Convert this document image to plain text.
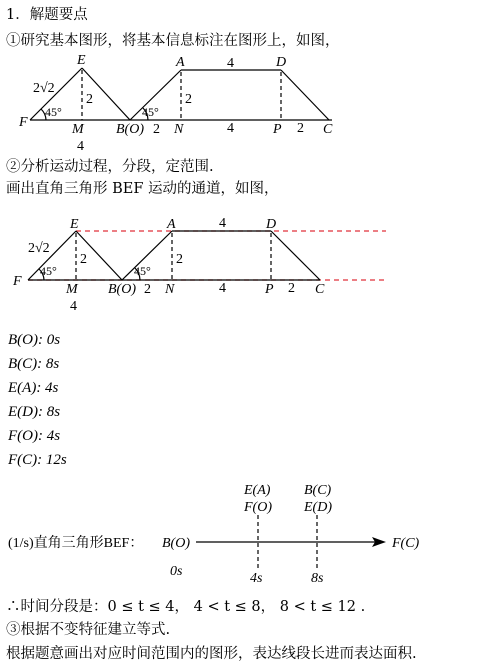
1．解题要点
①研究基本图形，将基本信息标注在图形上，如图，
E	A	D
F	M B(O) N	P	C
2√2
45°	45°
2	2
4
4
2	2
4
②分析运动过程，分段，定范围.
画出直角三角形 BEF 运动的通道，如图，
E	A	D
F
M B(O) N	P	C
2√2
45°	45°
2	2
4
4
2	2
4
B(O): 0s
B(C): 8s
E(A): 4s
E(D): 8s
F(O): 4s
F(C): 12s
(1/s)直角三角形BEF： B(O)	F(C)
E(A)
F(O)
B(C)
E(D)
0s	4s	8s
∴时间分段是：0 ≤ t ≤ 4， 4 < t ≤ 8， 8 < t ≤ 12 .
③根据不变特征建立等式.
根据题意画出对应时间范围内的图形，表达线段长进而表达面积.
